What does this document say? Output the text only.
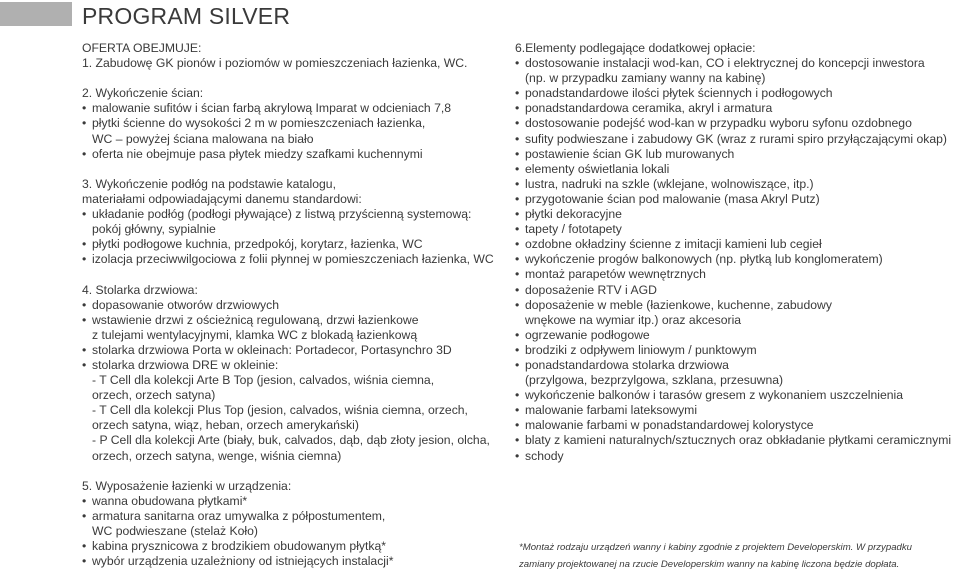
PROGRAM SILVER
OFERTA OBEJMUJE:
1. Zabudowę GK pionów i poziomów w pomieszczeniach łazienka, WC.
2. Wykończenie ścian:
• malowanie sufitów i ścian farbą akrylową Imparat w odcieniach 7,8
• płytki ścienne do wysokości 2 m w pomieszczeniach łazienka,
WC – powyżej ściana malowana na biało
• oferta nie obejmuje pasa płytek miedzy szafkami kuchennymi
3. Wykończenie podłóg na podstawie katalogu,
materiałami odpowiadającymi danemu standardowi:
• układanie podłóg (podłogi pływające) z listwą przyścienną systemową:
pokój główny, sypialnie
• płytki podłogowe kuchnia, przedpokój, korytarz, łazienka, WC
• izolacja przeciwwilgociowa z folii płynnej w pomieszczeniach łazienka, WC
4. Stolarka drzwiowa:
• dopasowanie otworów drzwiowych
• wstawienie drzwi z ościeżnicą regulowaną, drzwi łazienkowe
z tulejami wentylacyjnymi, klamka WC z blokadą łazienkową
• stolarka drzwiowa Porta w okleinach: Portadecor, Portasynchro 3D
• stolarka drzwiowa DRE w okleinie:
- T Cell dla kolekcji Arte B Top (jesion, calvados, wiśnia ciemna,
orzech, orzech satyna)
- T Cell dla kolekcji Plus Top (jesion, calvados, wiśnia ciemna, orzech,
orzech satyna, wiąz, heban, orzech amerykański)
- P Cell dla kolekcji Arte (biały, buk, calvados, dąb, dąb złoty jesion, olcha,
orzech, orzech satyna, wenge, wiśnia ciemna)
5. Wyposażenie łazienki w urządzenia:
• wanna obudowana płytkami*
• armatura sanitarna oraz umywalka z półpostumentem,
WC podwieszane (stelaż Koło)
• kabina prysznicowa z brodzikiem obudowanym płytką*
• wybór urządzenia uzależniony od istniejących instalacji*
6.Elementy podlegające dodatkowej opłacie:
• dostosowanie instalacji wod-kan, CO i elektrycznej do koncepcji inwestora
(np. w przypadku zamiany wanny na kabinę)
• ponadstandardowe ilości płytek ściennych i podłogowych
• ponadstandardowa ceramika, akryl i armatura
• dostosowanie podejść wod-kan w przypadku wyboru syfonu ozdobnego
• sufity podwieszane i zabudowy GK (wraz z rurami spiro przyłączającymi okap)
• postawienie ścian GK lub murowanych
• elementy oświetlania lokali
• lustra, nadruki na szkle (wklejane, wolnowiszące, itp.)
• przygotowanie ścian pod malowanie (masa Akryl Putz)
• płytki dekoracyjne
• tapety / fototapety
• ozdobne okładziny ścienne z imitacji kamieni lub cegieł
• wykończenie progów balkonowych (np. płytką lub konglomeratem)
• montaż parapetów wewnętrznych
• doposażenie RTV i AGD
• doposażenie w meble (łazienkowe, kuchenne, zabudowy
wnękowe na wymiar itp.) oraz akcesoria
• ogrzewanie podłogowe
• brodziki z odpływem liniowym / punktowym
• ponadstandardowa stolarka drzwiowa
(przylgowa, bezprzylgowa, szklana, przesuwna)
• wykończenie balkonów i tarasów gresem z wykonaniem uszczelnienia
• malowanie farbami lateksowymi
• malowanie farbami w ponadstandardowej kolorystyce
• blaty z kamieni naturalnych/sztucznych oraz obkładanie płytkami ceramicznymi
• schody
*Montaż rodzaju urządzeń wanny i kabiny zgodnie z projektem Developerskim. W przypadku
zamiany projektowanej na rzucie Developerskim wanny na kabinę liczona będzie dopłata.
